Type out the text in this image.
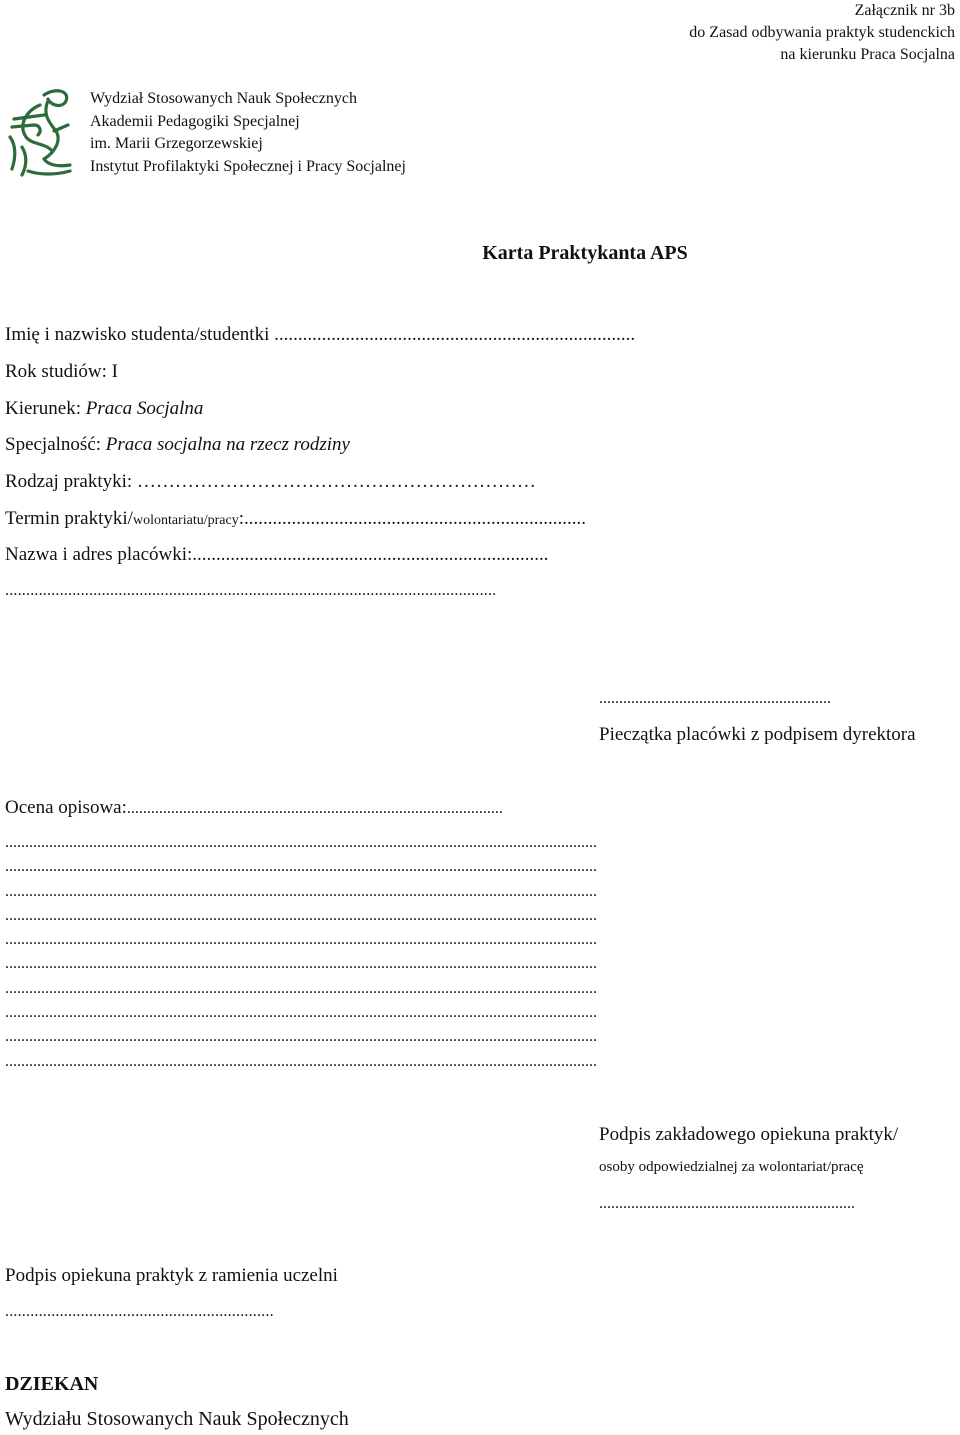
Załącznik nr 3b
do Zasad odbywania praktyk studenckich
na kierunku Praca Socjalna
Wydział Stosowanych Nauk Społecznych
Akademii Pedagogiki Specjalnej
im. Marii Grzegorzewskiej
Instytut Profilaktyki Społecznej i Pracy Socjalnej
Karta Praktykanta APS
Imię i nazwisko studenta/studentki ............................................................................
Rok studiów: I
Kierunek: Praca Socjalna
Specjalność: Praca socjalna na rzecz rodziny
Rodzaj praktyki: ………………………………………………………
Termin praktyki/wolontariatu/pracy:........................................................................
Nazwa i adres placówki:...........................................................................
.....................................................................................................................
..........................................................
Pieczątka placówki z podpisem dyrektora
Ocena opisowa:..............................................................................................
....................................................................................................................................................
....................................................................................................................................................
....................................................................................................................................................
....................................................................................................................................................
....................................................................................................................................................
....................................................................................................................................................
....................................................................................................................................................
....................................................................................................................................................
....................................................................................................................................................
....................................................................................................................................................
Podpis zakładowego opiekuna praktyk/
osoby odpowiedzialnej za wolontariat/pracę
................................................................
Podpis opiekuna praktyk z ramienia uczelni
................................................................
DZIEKAN
Wydziału Stosowanych Nauk Społecznych
